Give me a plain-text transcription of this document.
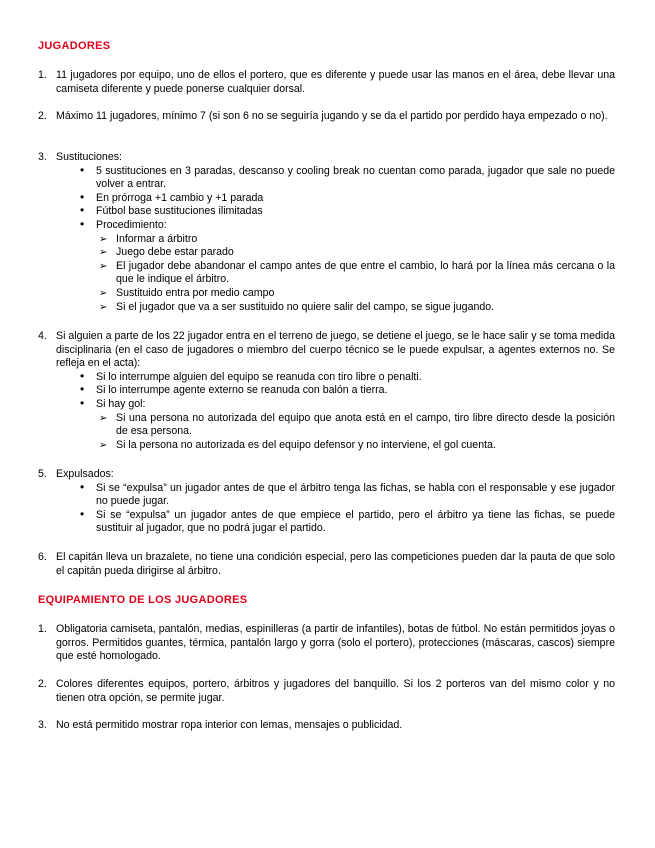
JUGADORES
1. 11 jugadores por equipo, uno de ellos el portero, que es diferente y puede usar las manos en el área, debe llevar una camiseta diferente y puede ponerse cualquier dorsal.
2. Máximo 11 jugadores, mínimo 7 (si son 6 no se seguiría jugando y se da el partido por perdido haya empezado o no).
3. Sustituciones:
• 5 sustituciones en 3 paradas, descanso y cooling break no cuentan como parada, jugador que sale no puede volver a entrar.
• En prórroga +1 cambio y +1 parada
• Fútbol base sustituciones ilimitadas
• Procedimiento:
➢ Informar a árbitro
➢ Juego debe estar parado
➢ El jugador debe abandonar el campo antes de que entre el cambio, lo hará por la línea más cercana o la que le indique el árbitro.
➢ Sustituido entra por medio campo
➢ Si el jugador que va a ser sustituido no quiere salir del campo, se sigue jugando.
4. Si alguien a parte de los 22 jugador entra en el terreno de juego, se detiene el juego, se le hace salir y se toma medida disciplinaria (en el caso de jugadores o miembro del cuerpo técnico se le puede expulsar, a agentes externos no. Se refleja en el acta):
• Si lo interrumpe alguien del equipo se reanuda con tiro libre o penalti.
• Si lo interrumpe agente externo se reanuda con balón a tierra.
• Si hay gol:
➢ Si una persona no autorizada del equipo que anota está en el campo, tiro libre directo desde la posición de esa persona.
➢ Si la persona no autorizada es del equipo defensor y no interviene, el gol cuenta.
5. Expulsados:
• Si se “expulsa” un jugador antes de que el árbitro tenga las fichas, se habla con el responsable y ese jugador no puede jugar.
• Si se “expulsa” un jugador antes de que empiece el partido, pero el árbitro ya tiene las fichas, se puede sustituir al jugador, que no podrá jugar el partido.
6. El capitán lleva un brazalete, no tiene una condición especial, pero las competiciones pueden dar la pauta de que solo el capitán pueda dirigirse al árbitro.
EQUIPAMIENTO DE LOS JUGADORES
1. Obligatoria camiseta, pantalón, medias, espinilleras (a partir de infantiles), botas de fútbol. No están permitidos joyas o gorros. Permitidos guantes, térmica, pantalón largo y gorra (solo el portero), protecciones (máscaras, cascos) siempre que esté homologado.
2. Colores diferentes equipos, portero, árbitros y jugadores del banquillo. Si los 2 porteros van del mismo color y no tienen otra opción, se permite jugar.
3. No está permitido mostrar ropa interior con lemas, mensajes o publicidad.
